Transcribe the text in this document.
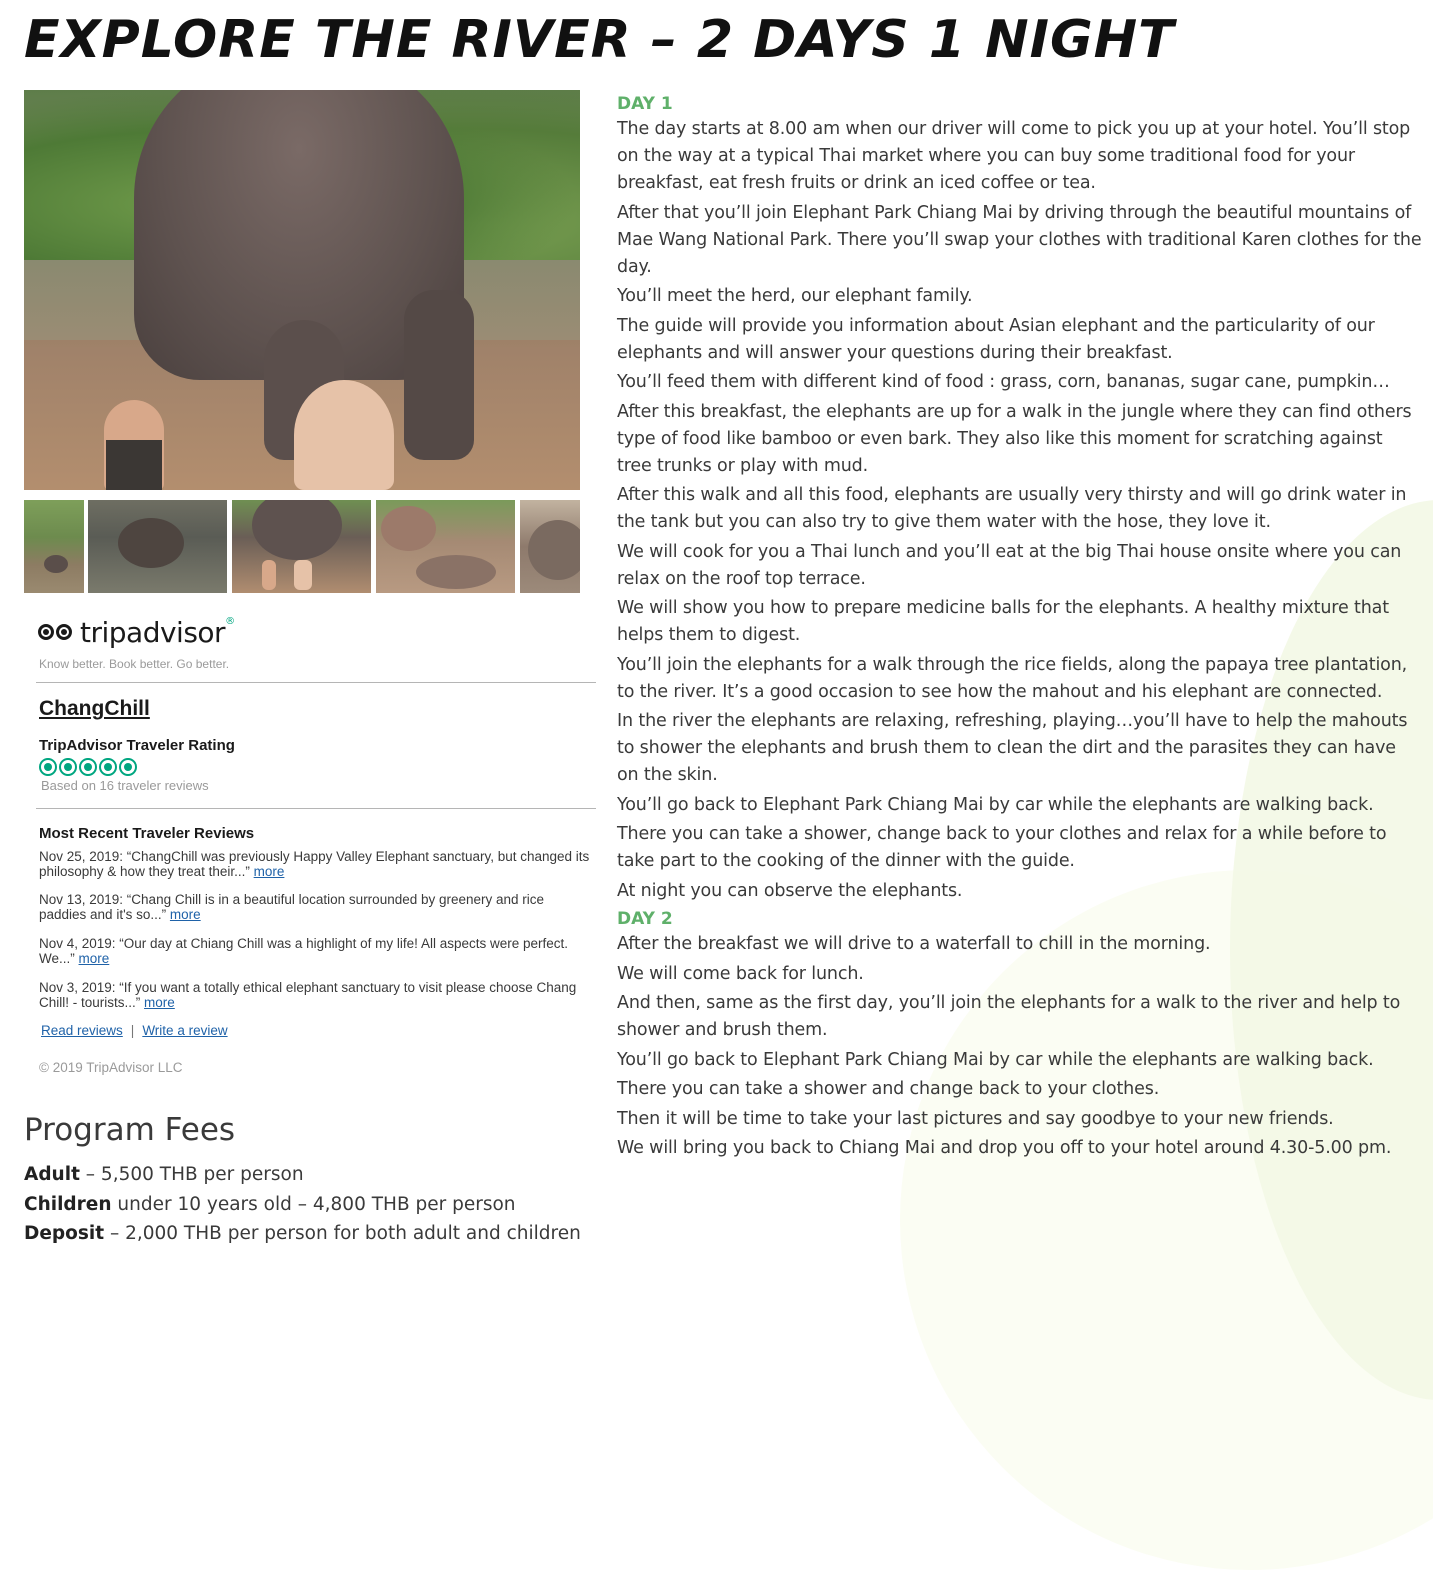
EXPLORE THE RIVER – 2 DAYS 1 NIGHT
tripadvisor®
Know better. Book better. Go better.
ChangChill
TripAdvisor Traveler Rating
Based on 16 traveler reviews
Most Recent Traveler Reviews
Nov 25, 2019: “ChangChill was previously Happy Valley Elephant sanctuary, but changed its philosophy & how they treat their...” more
Nov 13, 2019: “Chang Chill is in a beautiful location surrounded by greenery and rice paddies and it's so...” more
Nov 4, 2019: “Our day at Chiang Chill was a highlight of my life! All aspects were perfect. We...” more
Nov 3, 2019: “If you want a totally ethical elephant sanctuary to visit please choose Chang Chill! - tourists...” more
Read reviews | Write a review
© 2019 TripAdvisor LLC
Program Fees
Adult – 5,500 THB per person
Children under 10 years old – 4,800 THB per person
Deposit – 2,000 THB per person for both adult and children
DAY 1

The day starts at 8.00 am when our driver will come to pick you up at your hotel. You’ll stop on the way at a typical Thai market where you can buy some traditional food for your breakfast, eat fresh fruits or drink an iced coffee or tea.

After that you’ll join Elephant Park Chiang Mai by driving through the beautiful mountains of Mae Wang National Park. There you’ll swap your clothes with traditional Karen clothes for the day.

You’ll meet the herd, our elephant family.

The guide will provide you information about Asian elephant and the particularity of our elephants and will answer your questions during their breakfast.

You’ll feed them with different kind of food : grass, corn, bananas, sugar cane, pumpkin…

After this breakfast, the elephants are up for a walk in the jungle where they can find others type of food like bamboo or even bark. They also like this moment for scratching against tree trunks or play with mud.

After this walk and all this food, elephants are usually very thirsty and will go drink water in the tank but you can also try to give them water with the hose, they love it.

We will cook for you a Thai lunch and you’ll eat at the big Thai house onsite where you can relax on the roof top terrace.

We will show you how to prepare medicine balls for the elephants. A healthy mixture that helps them to digest.

You’ll join the elephants for a walk through the rice fields, along the papaya tree plantation, to the river. It’s a good occasion to see how the mahout and his elephant are connected.

In the river the elephants are relaxing, refreshing, playing…you’ll have to help the mahouts to shower the elephants and brush them to clean the dirt and the parasites they can have on the skin.

You’ll go back to Elephant Park Chiang Mai by car while the elephants are walking back.

There you can take a shower, change back to your clothes and relax for a while before to take part to the cooking of the dinner with the guide.

At night you can observe the elephants.

DAY 2

After the breakfast we will drive to a waterfall to chill in the morning.

We will come back for lunch.

And then, same as the first day, you’ll join the elephants for a walk to the river and help to shower and brush them.

You’ll go back to Elephant Park Chiang Mai by car while the elephants are walking back.

There you can take a shower and change back to your clothes.

Then it will be time to take your last pictures and say goodbye to your new friends.

We will bring you back to Chiang Mai and drop you off to your hotel around 4.30-5.00 pm.
